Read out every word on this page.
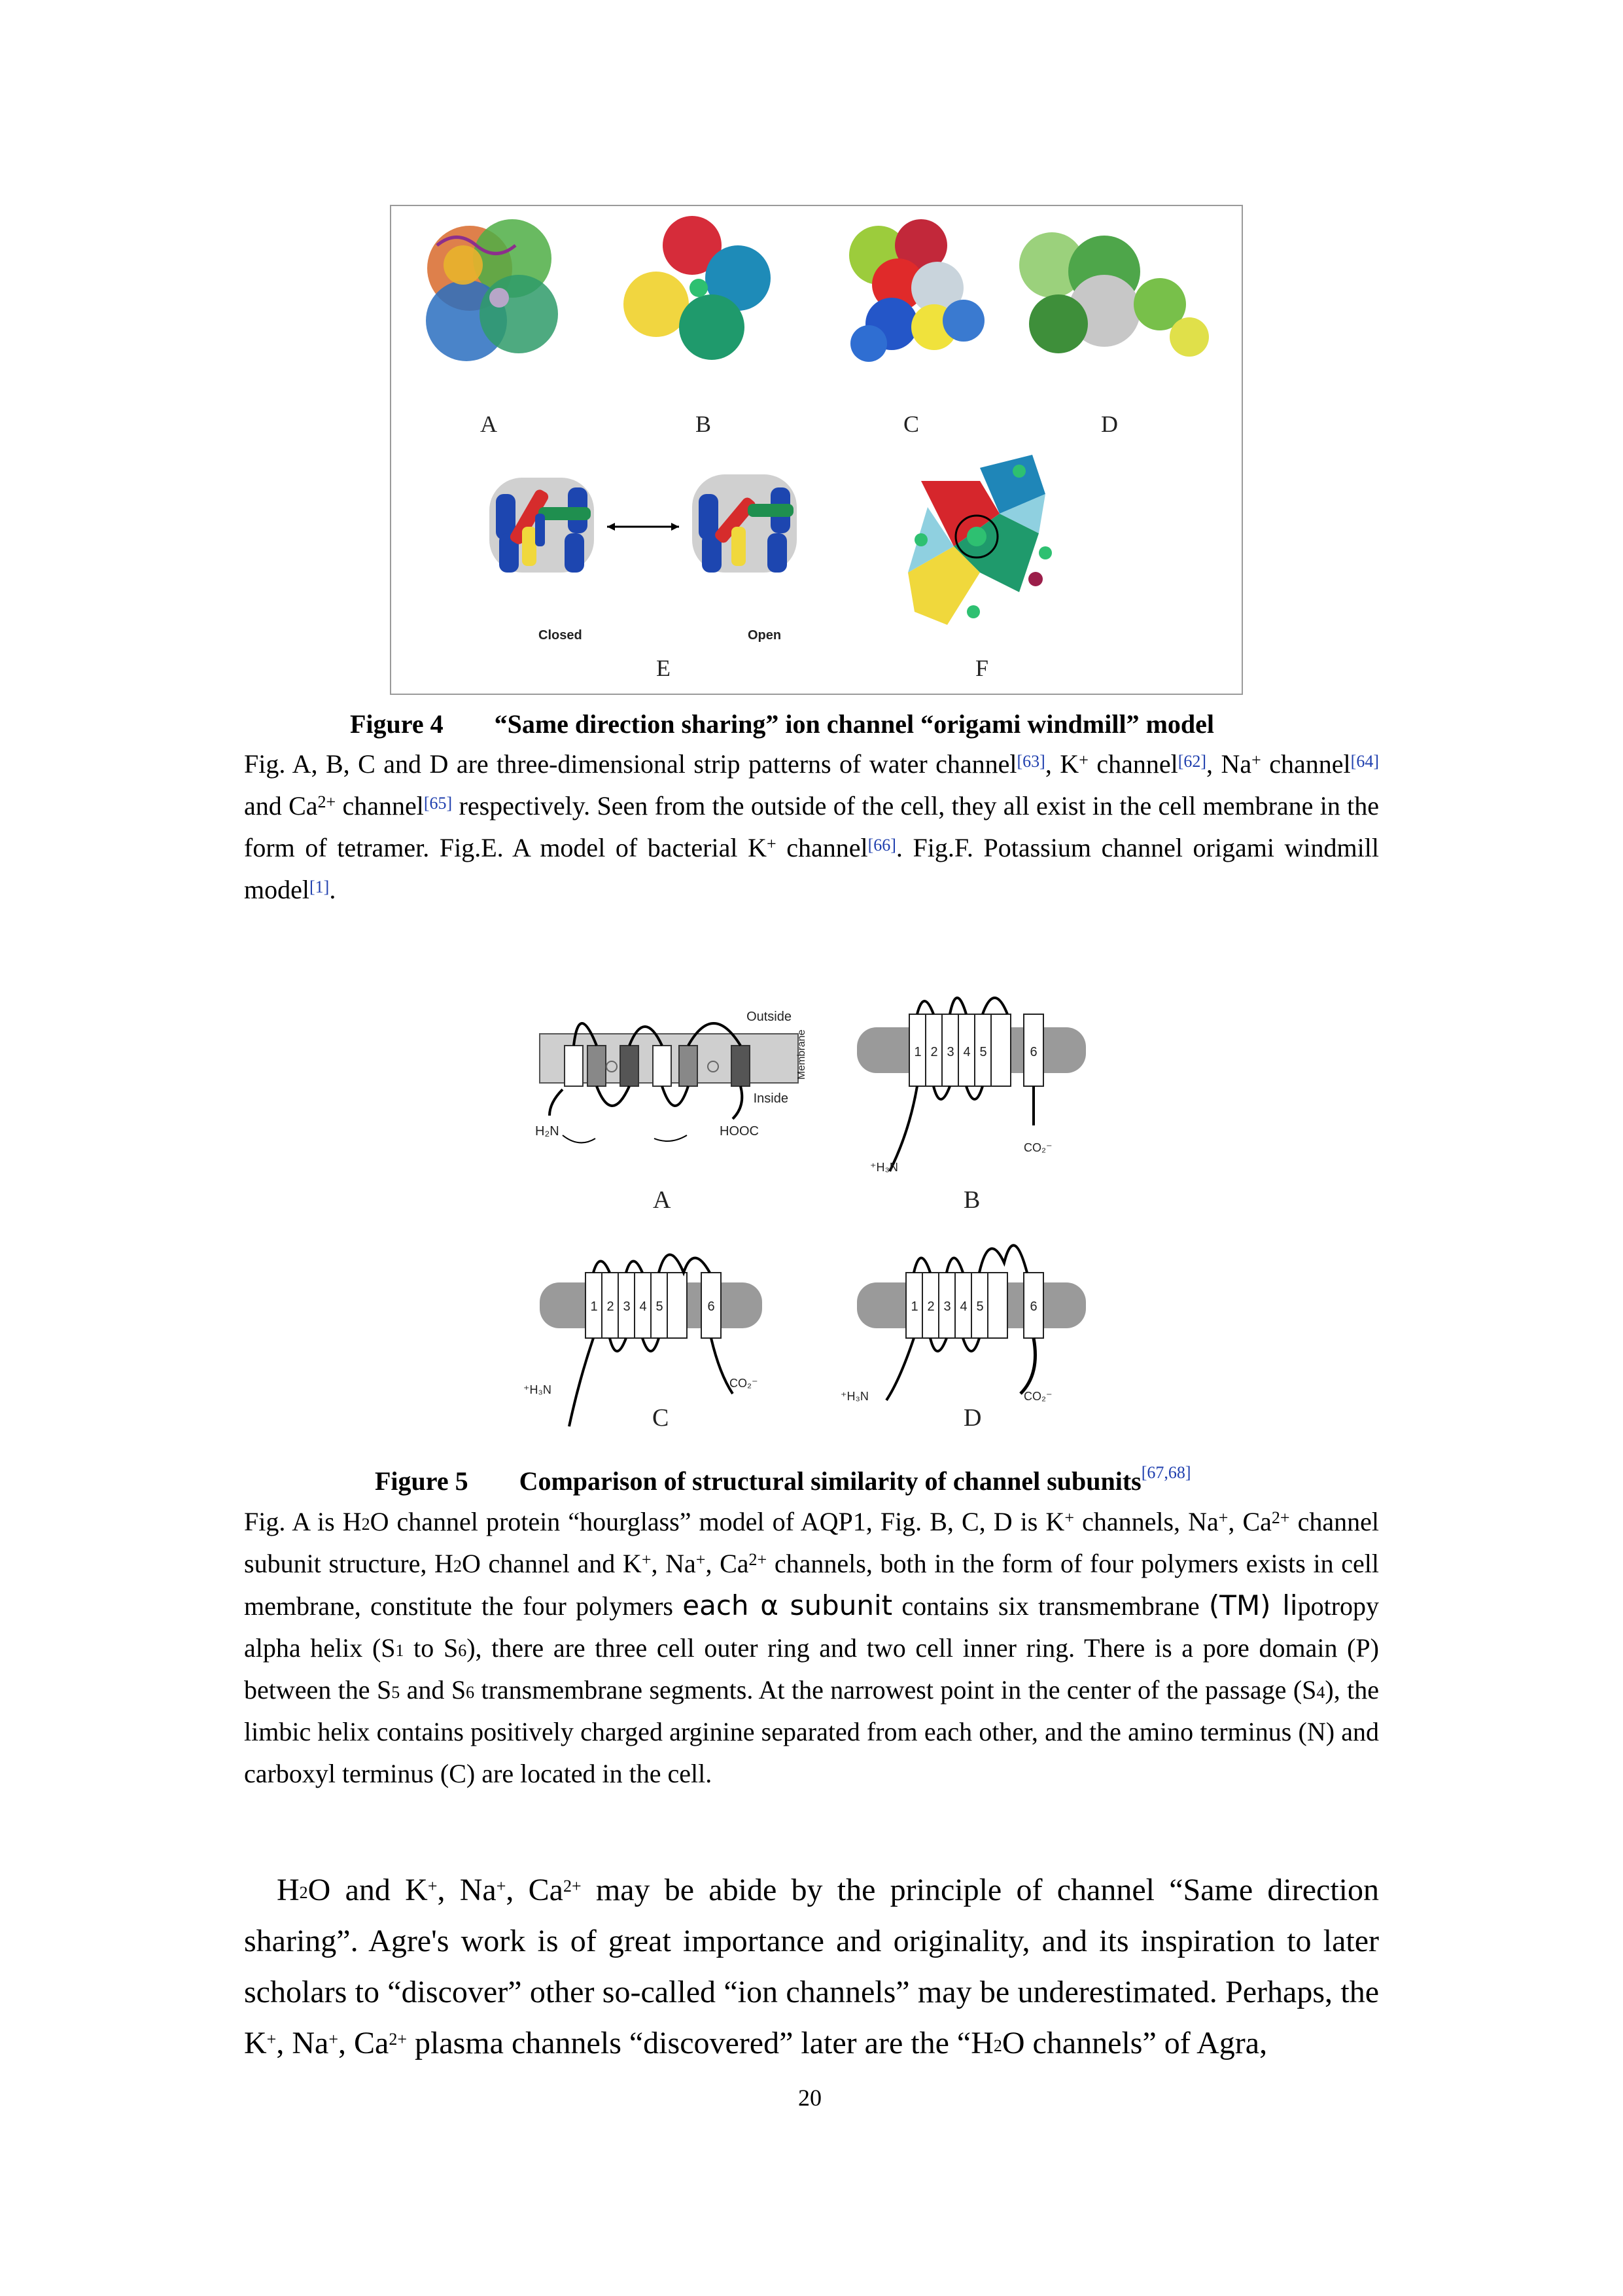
A	B	C	D
Closed	Open
E	F
Figure 4 “Same direction sharing” ion channel “origami windmill” model
Fig. A, B, C and D are three-dimensional strip patterns of water channel[63], K+ channel[62], Na+ channel[64] and $Ca^{2+}$ channel[65] respectively. Seen from the outside of the cell, they all exist in the cell membrane in the form of tetramer. Fig.E. A model of bacterial K+ channel[66]. Fig.F. Potassium channel origami windmill model[1].
Outside
Inside
Membrane
H₂N	HOOC
1 2 3 4 5	6
⁺H₃N
CO₂⁻
1 2 3 4 5	6
⁺H₃N	CO₂⁻
1 2 3 4 5	6
⁺H₃N	CO₂⁻
A	B
C	D
Figure 5 Comparison of structural similarity of channel subunits[67,68]
Fig. A is $H_2O$ channel protein “hourglass” model of AQP1, Fig. B, C, D is K+ channels, Na+, $Ca^{2+}$ channel subunit structure, $H_2O$ channel and K+, Na+, $Ca^{2+}$ channels, both in the form of four polymers exists in cell membrane, constitute the four polymers each α subunit contains six transmembrane (TM) lipotropy alpha helix ($S_1$ to $S_6$), there are three cell outer ring and two cell inner ring. There is a pore domain (P) between the $S_5$ and $S_6$ transmembrane segments. At the narrowest point in the center of the passage $(S_4)$, the limbic helix contains positively charged arginine separated from each other, and the amino terminus (N) and carboxyl terminus (C) are located in the cell.
$H_2O$ and K+, Na+, $Ca^{2+}$ may be abide by the principle of channel “Same direction sharing”. Agre's work is of great importance and originality, and its inspiration to later scholars to “discover” other so-called “ion channels” may be underestimated. Perhaps, the K+, Na+, $Ca^{2+}$ plasma channels “discovered” later are the “$H_2O$ channels” of Agra,
20
